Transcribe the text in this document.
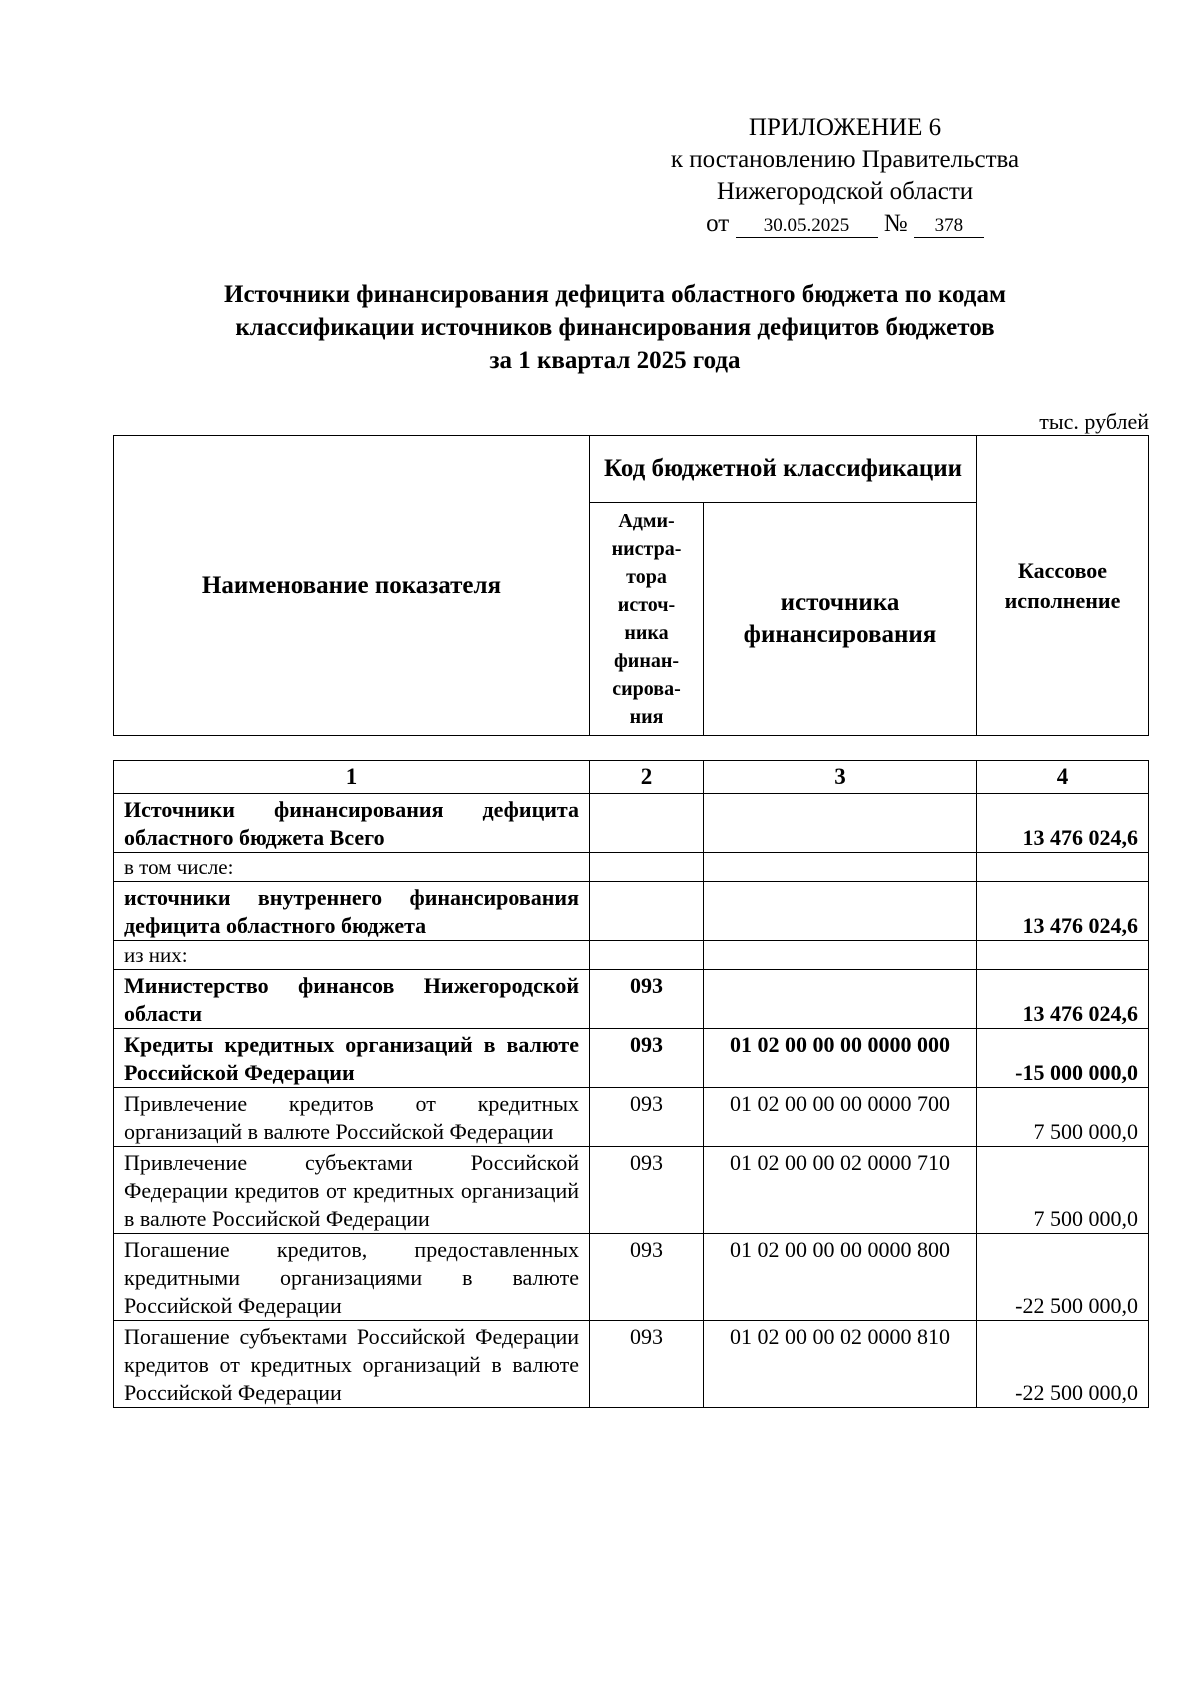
ПРИЛОЖЕНИЕ 6
к постановлению Правительства
Нижегородской области
от 30.05.2025 № 378
Источники финансирования дефицита областного бюджета по кодам
классификации источников финансирования дефицитов бюджетов
за 1 квартал 2025 года
тыс. рублей
Наименование показателя	Код бюджетной классификации		Кассовое исполнение
	Адми-нистра-тора источ-ника финан-сирова-ния	источника финансирования	
1	2	3	4
Источники финансирования дефицита областного бюджета Всего			13 476 024,6
в том числе:			
источники внутреннего финансирования дефицита областного бюджета			13 476 024,6
из них:			
Министерство финансов Нижегородской области	093		13 476 024,6
Кредиты кредитных организаций в валюте Российской Федерации	093	01 02 00 00 00 0000 000	-15 000 000,0
Привлечение кредитов от кредитных организаций в валюте Российской Федерации	093	01 02 00 00 00 0000 700	7 500 000,0
Привлечение субъектами Российской Федерации кредитов от кредитных организаций в валюте Российской Федерации	093	01 02 00 00 02 0000 710	7 500 000,0
Погашение кредитов, предоставленных кредитными организациями в валюте Российской Федерации	093	01 02 00 00 00 0000 800	-22 500 000,0
Погашение субъектами Российской Федерации кредитов от кредитных организаций в валюте Российской Федерации	093	01 02 00 00 02 0000 810	-22 500 000,0
